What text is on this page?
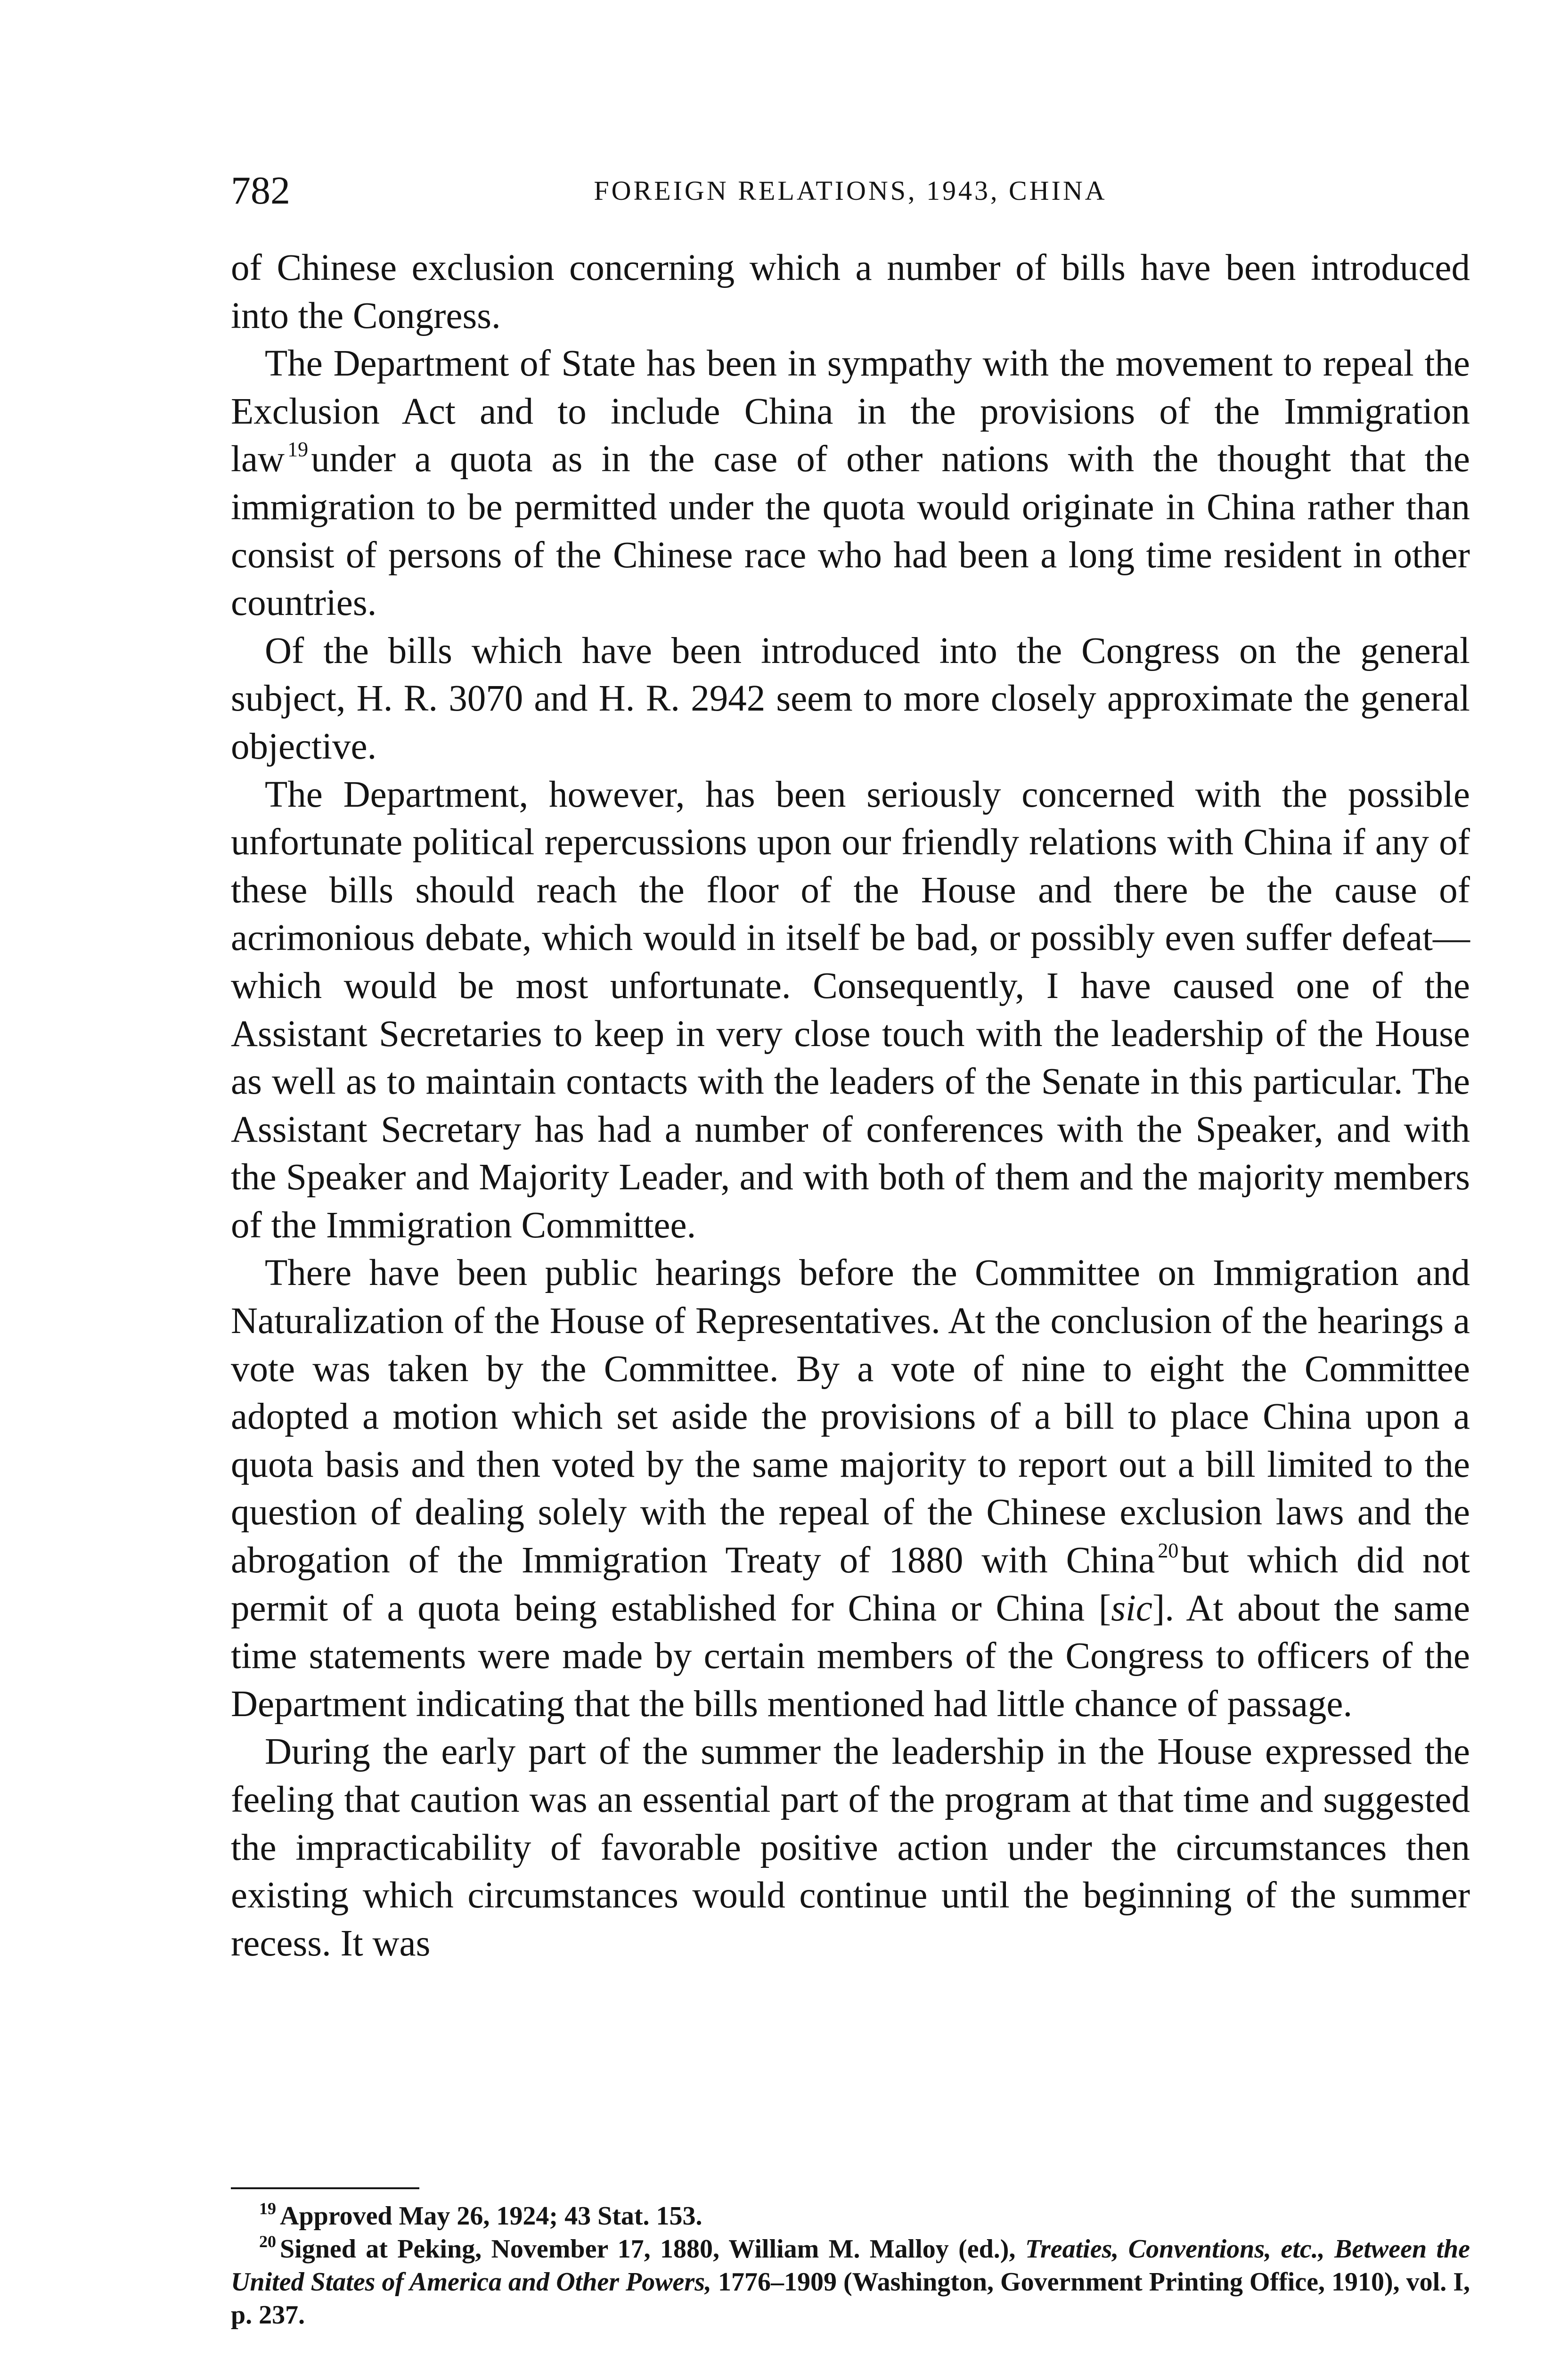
782	FOREIGN RELATIONS, 1943, CHINA

of Chinese exclusion concerning which a number of bills have been introduced into the Congress.

The Department of State has been in sympathy with the movement to repeal the Exclusion Act and to include China in the provisions of the Immigration law $^{19}$under a quota as in the case of other nations with the thought that the immigration to be permitted under the quota would originate in China rather than consist of persons of the Chinese race who had been a long time resident in other countries.

Of the bills which have been introduced into the Congress on the general subject, H. R. 3070 and H. R. 2942 seem to more closely approximate the general objective.

The Department, however, has been seriously concerned with the possible unfortunate political repercussions upon our friendly relations with China if any of these bills should reach the floor of the House and there be the cause of acrimonious debate, which would in itself be bad, or possibly even suffer defeat—which would be most unfortunate. Consequently, I have caused one of the Assistant Secretaries to keep in very close touch with the leadership of the House as well as to maintain contacts with the leaders of the Senate in this particular. The Assistant Secretary has had a number of conferences with the Speaker, and with the Speaker and Majority Leader, and with both of them and the majority members of the Immigration Committee.

There have been public hearings before the Committee on Immigration and Naturalization of the House of Representatives. At the conclusion of the hearings a vote was taken by the Committee. By a vote of nine to eight the Committee adopted a motion which set aside the provisions of a bill to place China upon a quota basis and then voted by the same majority to report out a bill limited to the question of dealing solely with the repeal of the Chinese exclusion laws and the abrogation of the Immigration Treaty of 1880 with China $^{20}$but which did not permit of a quota being established for China or China [sic]. At about the same time statements were made by certain members of the Congress to officers of the Department indicating that the bills mentioned had little chance of passage.

During the early part of the summer the leadership in the House expressed the feeling that caution was an essential part of the program at that time and suggested the impracticability of favorable positive action under the circumstances then existing which circumstances would continue until the beginning of the summer recess. It was

$^{19}$ Approved May 26, 1924; 43 Stat. 153.

$^{20}$ Signed at Peking, November 17, 1880, William M. Malloy (ed.), Treaties, Conventions, etc., Between the United States of America and Other Powers, 1776–1909 (Washington, Government Printing Office, 1910), vol. I, p. 237.
